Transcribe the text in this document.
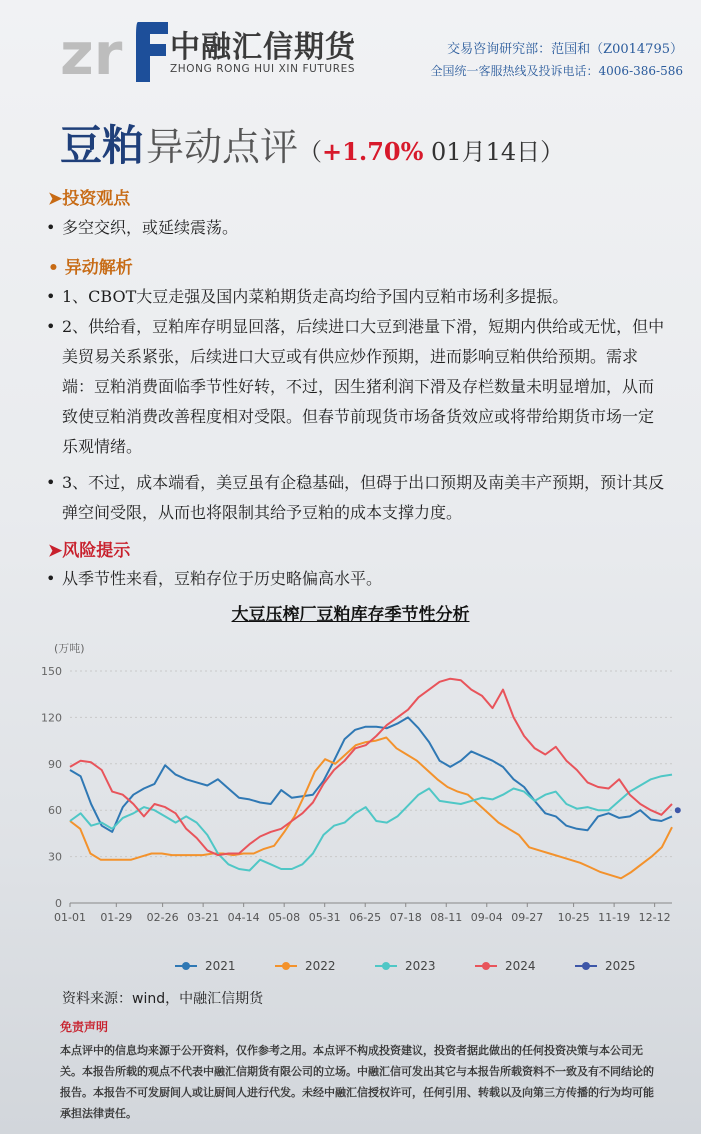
zr 中融汇信期货
ZHONG RONG HUI XIN FUTURES
交易咨询研究部：范国和（Z0014795）
全国统一客服热线及投诉电话：4006-386-586
豆粕异动点评（+1.70% 01月14日）
➤投资观点
• 多空交织，或延续震荡。
• 异动解析
• 1、CBOT大豆走强及国内菜粕期货走高均给予国内豆粕市场利多提振。
• 2、供给看，豆粕库存明显回落，后续进口大豆到港量下滑，短期内供给或无忧，但中美贸易关系紧张，后续进口大豆或有供应炒作预期，进而影响豆粕供给预期。需求端：豆粕消费面临季节性好转，不过，因生猪利润下滑及存栏数量未明显增加，从而致使豆粕消费改善程度相对受限。但春节前现货市场备货效应或将带给期货市场一定乐观情绪。
• 3、不过，成本端看，美豆虽有企稳基础，但碍于出口预期及南美丰产预期，预计其反弹空间受限，从而也将限制其给予豆粕的成本支撑力度。
➤风险提示
• 从季节性来看，豆粕存位于历史略偏高水平。
大豆压榨厂豆粕库存季节性分析
(万吨)
0
30
60
90
120
150
01-01 01-29 02-26 03-21 04-14 05-08 05-31 06-25 07-18 08-11 09-04 09-27 10-25 11-19 12-12
2021	2022	2023	2024	2025
资料来源：wind，中融汇信期货
免责声明
本点评中的信息均来源于公开资料，仅作参考之用。本点评不构成投资建议，投资者据此做出的任何投资决策与本公司无关。本报告所载的观点不代表中融汇信期货有限公司的立场。中融汇信可发出其它与本报告所载资料不一致及有不同结论的报告。本报告不可发厨间人或让厨间人进行代发。未经中融汇信授权许可，任何引用、转载以及向第三方传播的行为均可能承担法律责任。
